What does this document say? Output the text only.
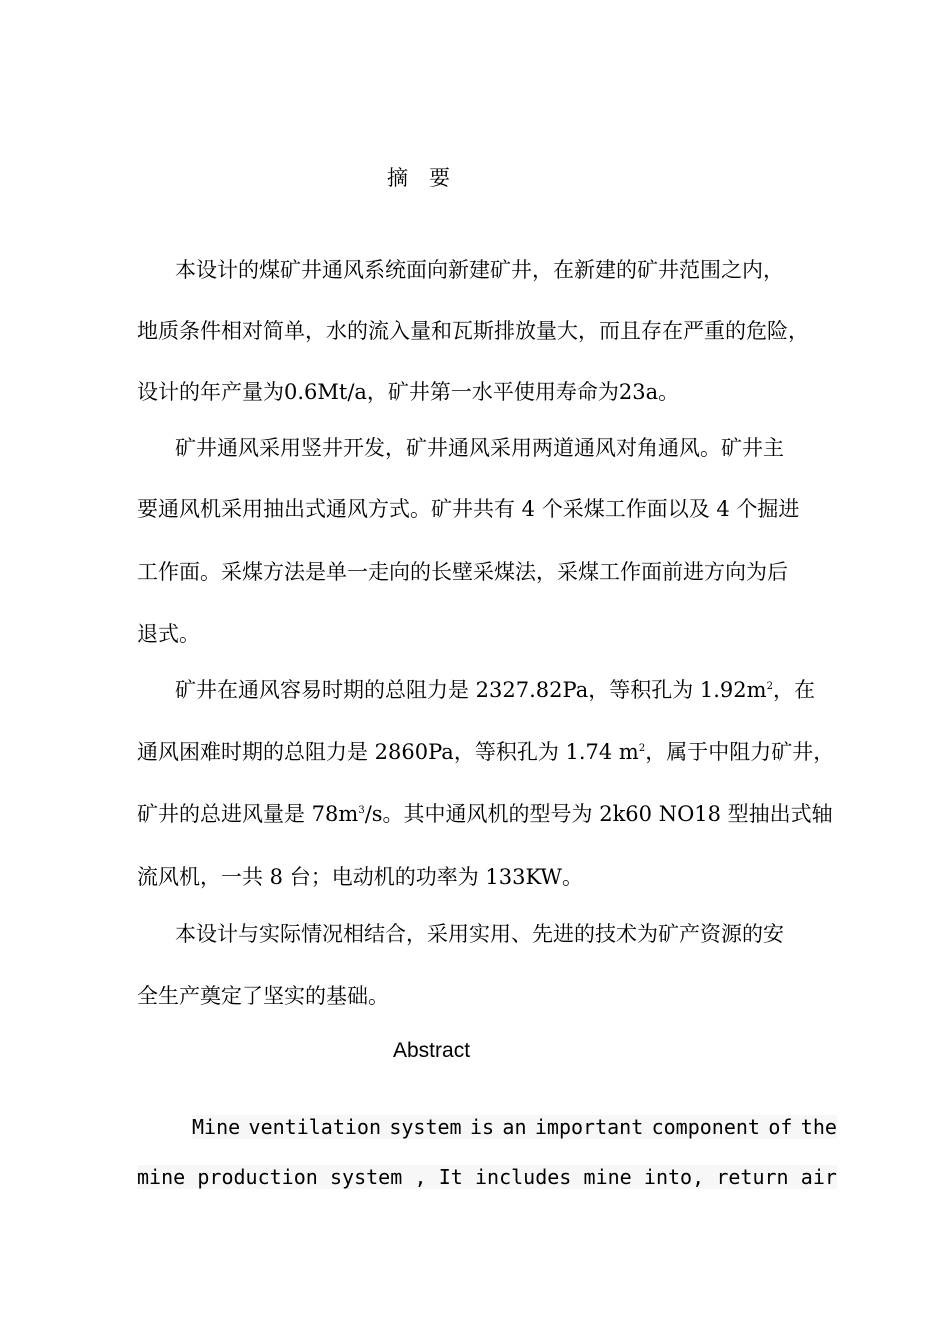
摘　要
本设计的煤矿井通风系统面向新建矿井，在新建的矿井范围之内，
地质条件相对简单，水的流入量和瓦斯排放量大，而且存在严重的危险，
设计的年产量为0.6Mt/a，矿井第一水平使用寿命为23a。
矿井通风采用竖井开发，矿井通风采用两道通风对角通风。矿井主
要通风机采用抽出式通风方式。矿井共有 4 个采煤工作面以及 4 个掘进
工作面。采煤方法是单一走向的长壁采煤法，采煤工作面前进方向为后
退式。
矿井在通风容易时期的总阻力是 2327.82Pa，等积孔为 $1.92m^2$，在
通风困难时期的总阻力是 2860Pa，等积孔为 1.74 $m^2$，属于中阻力矿井，
矿井的总进风量是 $78m^3/s$。其中通风机的型号为 2k60 NO18 型抽出式轴
流风机，一共 8 台；电动机的功率为 133KW。
本设计与实际情况相结合，采用实用、先进的技术为矿产资源的安
全生产奠定了坚实的基础。
Abstract
Mine ventilation system is an important component of the
mine production system , It includes mine into, return air
